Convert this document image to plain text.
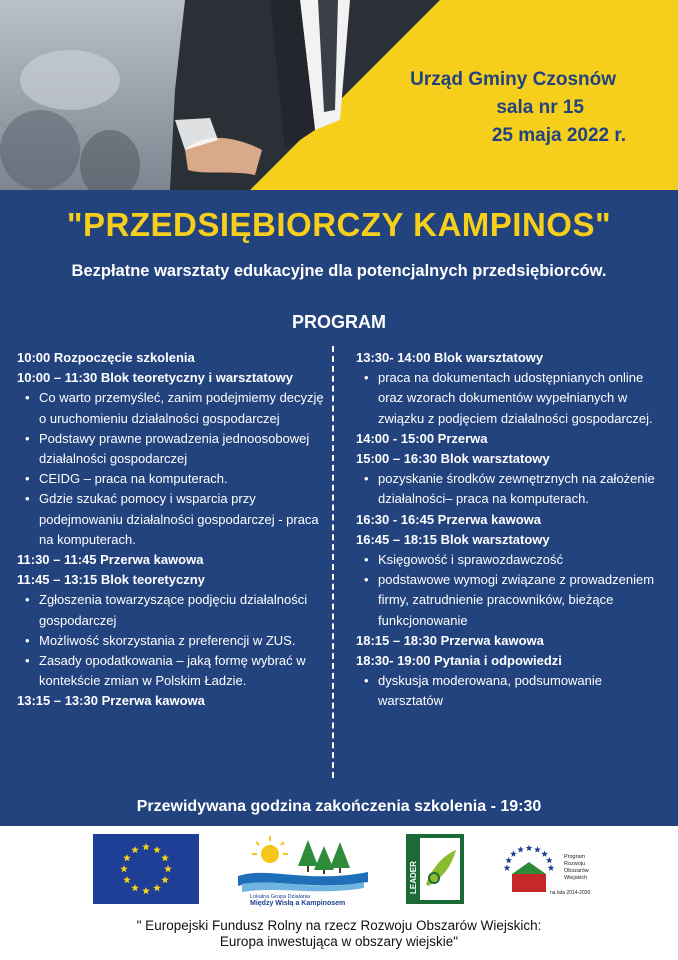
Urząd Gminy Czosnów
sala nr 15
25 maja 2022 r.
"PRZEDSIĘBIORCZY KAMPINOS"
Bezpłatne warsztaty edukacyjne dla potencjalnych przedsiębiorców.
PROGRAM
10:00 Rozpoczęcie szkolenia
10:00 – 11:30 Blok teoretyczny i warsztatowy
• Co warto przemyśleć, zanim podejmiemy decyzję o uruchomieniu działalności gospodarczej
• Podstawy prawne prowadzenia jednoosobowej działalności gospodarczej
• CEIDG – praca na komputerach.
• Gdzie szukać pomocy i wsparcia przy podejmowaniu działalności gospodarczej - praca na komputerach.
11:30 – 11:45 Przerwa kawowa
11:45 – 13:15 Blok teoretyczny
• Zgłoszenia towarzyszące podjęciu działalności gospodarczej
• Możliwość skorzystania z preferencji w ZUS.
• Zasady opodatkowania – jaką formę wybrać w kontekście zmian w Polskim Ładzie.
13:15 – 13:30 Przerwa kawowa
13:30- 14:00 Blok warsztatowy
• praca na dokumentach udostępnianych online oraz wzorach dokumentów wypełnianych w związku z podjęciem działalności gospodarczej.
14:00 - 15:00 Przerwa
15:00 – 16:30 Blok warsztatowy
• pozyskanie środków zewnętrznych na założenie działalności– praca na komputerach.
16:30 - 16:45 Przerwa kawowa
16:45 – 18:15 Blok warsztatowy
• Księgowość i sprawozdawczość
• podstawowe wymogi związane z prowadzeniem firmy, zatrudnienie pracowników, bieżące funkcjonowanie
18:15 – 18:30 Przerwa kawowa
18:30- 19:00 Pytania i odpowiedzi
• dyskusja moderowana, podsumowanie warsztatów
Przewidywana godzina zakończenia szkolenia - 19:30
Lokalna Grupa Działania
Między Wisłą a Kampinosem
LEADER
Program
Rozwoju
Obszarów
Wiejskich
na lata 2014-2020
" Europejski Fundusz Rolny na rzecz Rozwoju Obszarów Wiejskich:
Europa inwestująca w obszary wiejskie"
